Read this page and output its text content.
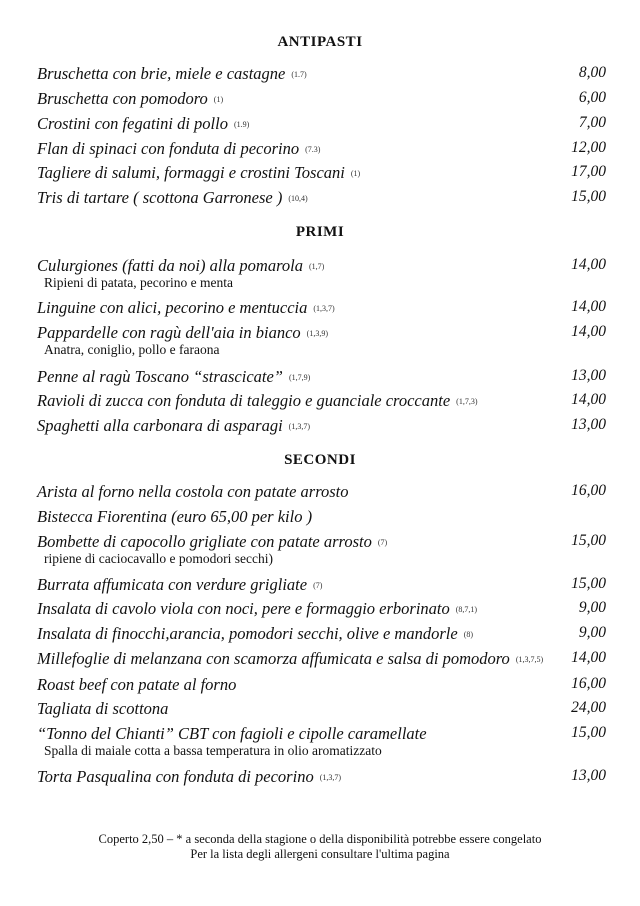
ANTIPASTI
Bruschetta con brie, miele e castagne (1.7)	8,00
Bruschetta con pomodoro (1)	6,00
Crostini con fegatini di pollo (1.9)	7,00
Flan di spinaci con fonduta di pecorino (7.3)	12,00
Tagliere di salumi, formaggi e crostini Toscani (1)	17,00
Tris di tartare ( scottona Garronese ) (10,4)	15,00
PRIMI
Culurgiones (fatti da noi) alla pomarola (1,7)	14,00
Ripieni di patata, pecorino e menta
Linguine con alici, pecorino e mentuccia (1,3,7)	14,00
Pappardelle con ragù dell'aia in bianco (1,3,9)	14,00
Anatra, coniglio, pollo e faraona
Penne al ragù Toscano “strascicate” (1,7,9)	13,00
Ravioli di zucca con fonduta di taleggio e guanciale croccante (1,7,3)	14,00
Spaghetti alla carbonara di asparagi (1,3,7)	13,00
SECONDI
Arista al forno nella costola con patate arrosto	16,00
Bistecca Fiorentina (euro 65,00 per kilo )
Bombette di capocollo grigliate con patate arrosto (7)	15,00
ripiene di caciocavallo e pomodori secchi)
Burrata affumicata con verdure grigliate (7)	15,00
Insalata di cavolo viola con noci, pere e formaggio erborinato (8,7,1)	9,00
Insalata di finocchi,arancia, pomodori secchi, olive e mandorle (8)	9,00
Millefoglie di melanzana con scamorza affumicata e salsa di pomodoro (1,3,7,5) 14,00
Roast beef con patate al forno	16,00
Tagliata di scottona	24,00
“Tonno del Chianti” CBT con fagioli e cipolle caramellate	15,00
Spalla di maiale cotta a bassa temperatura in olio aromatizzato
Torta Pasqualina con fonduta di pecorino (1,3,7)	13,00
Coperto 2,50 – * a seconda della stagione o della disponibilità potrebbe essere congelato
Per la lista degli allergeni consultare l'ultima pagina
